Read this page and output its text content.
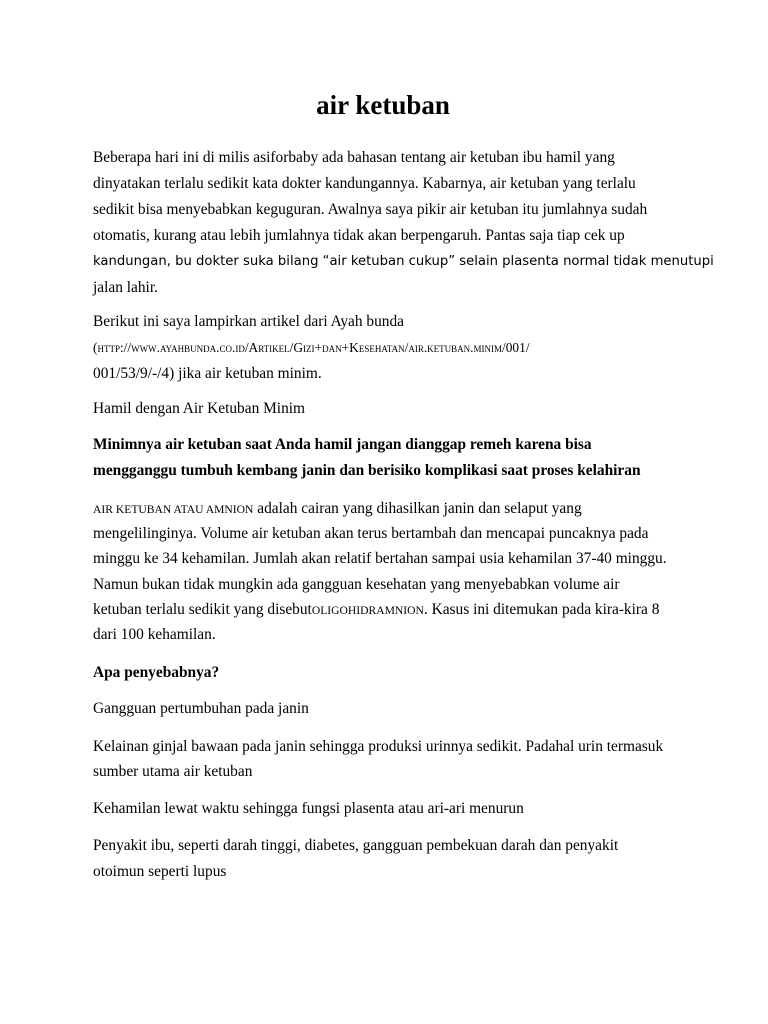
air ketuban
Beberapa hari ini di milis asiforbaby ada bahasan tentang air ketuban ibu hamil yang
dinyatakan terlalu sedikit kata dokter kandungannya. Kabarnya, air ketuban yang terlalu
sedikit bisa menyebabkan keguguran. Awalnya saya pikir air ketuban itu jumlahnya sudah
otomatis, kurang atau lebih jumlahnya tidak akan berpengaruh. Pantas saja tiap cek up
kandungan, bu dokter suka bilang “air ketuban cukup” selain plasenta normal tidak menutupi
jalan lahir.
Berikut ini saya lampirkan artikel dari Ayah bunda
(http://www.ayahbunda.co.id/Artikel/Gizi+dan+Kesehatan/air.ketuban.minim/001/
001/53/9/-/4) jika air ketuban minim.
Hamil dengan Air Ketuban Minim
Minimnya air ketuban saat Anda hamil jangan dianggap remeh karena bisa
mengganggu tumbuh kembang janin dan berisiko komplikasi saat proses kelahiran
AIR KETUBAN ATAU AMNION adalah cairan yang dihasilkan janin dan selaput yang
mengelilinginya. Volume air ketuban akan terus bertambah dan mencapai puncaknya pada
minggu ke 34 kehamilan. Jumlah akan relatif bertahan sampai usia kehamilan 37-40 minggu.
Namun bukan tidak mungkin ada gangguan kesehatan yang menyebabkan volume air
ketuban terlalu sedikit yang disebutOLIGOHIDRAMNION. Kasus ini ditemukan pada kira-kira 8
dari 100 kehamilan.
Apa penyebabnya?
Gangguan pertumbuhan pada janin
Kelainan ginjal bawaan pada janin sehingga produksi urinnya sedikit. Padahal urin termasuk
sumber utama air ketuban
Kehamilan lewat waktu sehingga fungsi plasenta atau ari-ari menurun
Penyakit ibu, seperti darah tinggi, diabetes, gangguan pembekuan darah dan penyakit
otoimun seperti lupus
